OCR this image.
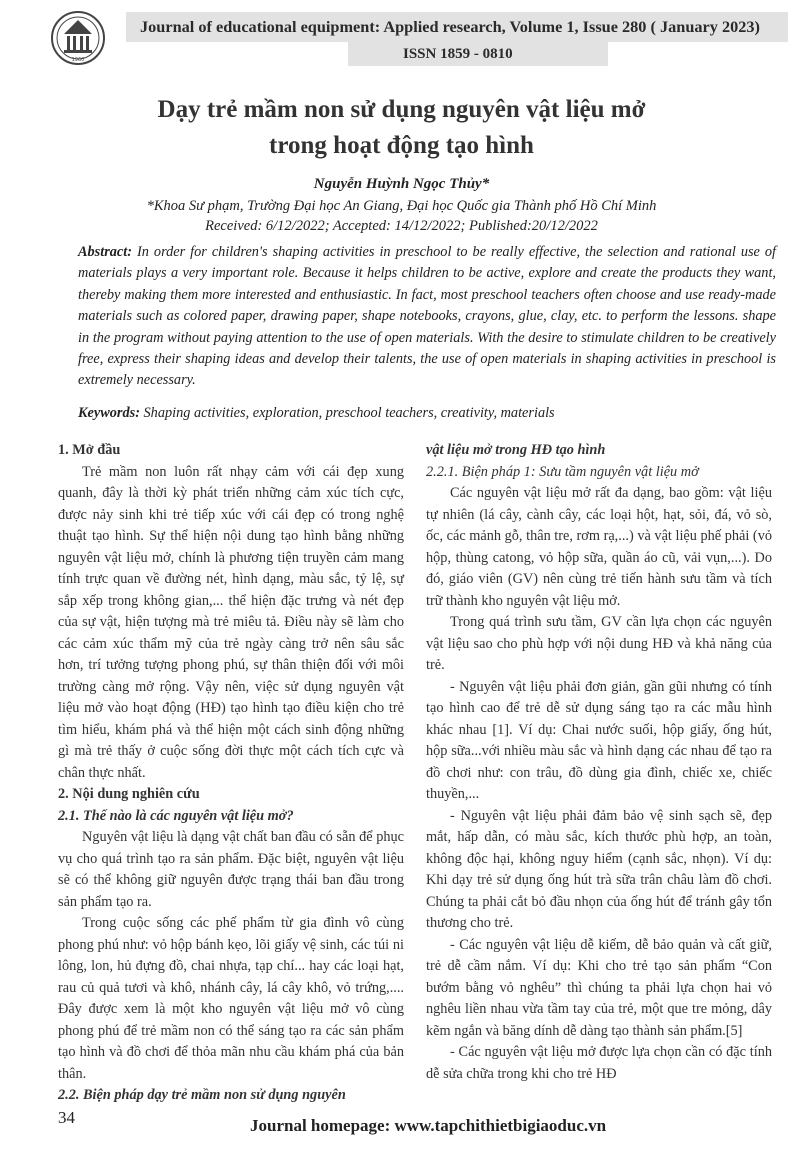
1960
Journal of educational equipment: Applied research, Volume 1, Issue 280 ( January 2023)
ISSN 1859 - 0810
Dạy trẻ mầm non sử dụng nguyên vật liệu mở
trong hoạt động tạo hình
Nguyễn Huỳnh Ngọc Thủy*
*Khoa Sư phạm, Trường Đại học An Giang, Đại học Quốc gia Thành phố Hồ Chí Minh
Received: 6/12/2022; Accepted: 14/12/2022; Published:20/12/2022
Abstract: In order for children's shaping activities in preschool to be really effective, the selection and rational use of materials plays a very important role. Because it helps children to be active, explore and create the products they want, thereby making them more interested and enthusiastic. In fact, most preschool teachers often choose and use ready-made materials such as colored paper, drawing paper, shape notebooks, crayons, glue, clay, etc. to perform the lessons. shape in the program without paying attention to the use of open materials. With the desire to stimulate children to be creatively free, express their shaping ideas and develop their talents, the use of open materials in shaping activities in preschool is extremely necessary.
Keywords: Shaping activities, exploration, preschool teachers, creativity, materials

1. Mở đầu

Trẻ mầm non luôn rất nhạy cảm với cái đẹp xung quanh, đây là thời kỳ phát triển những cảm xúc tích cực, được nảy sinh khi trẻ tiếp xúc với cái đẹp có trong nghệ thuật tạo hình. Sự thể hiện nội dung tạo hình bằng những nguyên vật liệu mở, chính là phương tiện truyền cảm mang tính trực quan về đường nét, hình dạng, màu sắc, tỷ lệ, sự sắp xếp trong không gian,... thể hiện đặc trưng và nét đẹp của sự vật, hiện tượng mà trẻ miêu tả. Điều này sẽ làm cho các cảm xúc thẩm mỹ của trẻ ngày càng trở nên sâu sắc hơn, trí tưởng tượng phong phú, sự thân thiện đối với môi trường càng mở rộng. Vậy nên, việc sử dụng nguyên vật liệu mở vào hoạt động (HĐ) tạo hình tạo điều kiện cho trẻ tìm hiểu, khám phá và thể hiện một cách sinh động những gì mà trẻ thấy ở cuộc sống đời thực một cách tích cực và chân thực nhất.

2. Nội dung nghiên cứu

2.1. Thế nào là các nguyên vật liệu mở?

Nguyên vật liệu là dạng vật chất ban đầu có sẵn để phục vụ cho quá trình tạo ra sản phẩm. Đặc biệt, nguyên vật liệu sẽ có thể không giữ nguyên được trạng thái ban đầu trong sản phẩm tạo ra.

Trong cuộc sống các phế phẩm từ gia đình vô cùng phong phú như: vỏ hộp bánh kẹo, lõi giấy vệ sinh, các túi ni lông, lon, hủ đựng đồ, chai nhựa, tạp chí... hay các loại hạt, rau củ quả tươi và khô, nhánh cây, lá cây khô, vỏ trứng,.... Đây được xem là một kho nguyên vật liệu mở vô cùng phong phú để trẻ mầm non có thể sáng tạo ra các sản phẩm tạo hình và đồ chơi để thỏa mãn nhu cầu khám phá của bản thân.

2.2. Biện pháp dạy trẻ mầm non sử dụng nguyên

vật liệu mở trong HĐ tạo hình

2.2.1. Biện pháp 1: Sưu tầm nguyên vật liệu mở

Các nguyên vật liệu mở rất đa dạng, bao gồm: vật liệu tự nhiên (lá cây, cành cây, các loại hột, hạt, sỏi, đá, vỏ sò, ốc, các mảnh gỗ, thân tre, rơm rạ,...) và vật liệu phế phải (vỏ hộp, thùng catong, vỏ hộp sữa, quần áo cũ, vải vụn,...). Do đó, giáo viên (GV) nên cùng trẻ tiến hành sưu tầm và tích trữ thành kho nguyên vật liệu mở.

Trong quá trình sưu tầm, GV cần lựa chọn các nguyên vật liệu sao cho phù hợp với nội dung HĐ và khả năng của trẻ.

- Nguyên vật liệu phải đơn giản, gần gũi nhưng có tính tạo hình cao để trẻ dễ sử dụng sáng tạo ra các mẫu hình khác nhau [1]. Ví dụ: Chai nước suối, hộp giấy, ống hút, hộp sữa...với nhiều màu sắc và hình dạng các nhau để tạo ra đồ chơi như: con trâu, đồ dùng gia đình, chiếc xe, chiếc thuyền,...

- Nguyên vật liệu phải đảm bảo vệ sinh sạch sẽ, đẹp mắt, hấp dẫn, có màu sắc, kích thước phù hợp, an toàn, không độc hại, không nguy hiểm (cạnh sắc, nhọn). Ví dụ: Khi dạy trẻ sử dụng ống hút trà sữa trân châu làm đồ chơi. Chúng ta phải cắt bỏ đầu nhọn của ống hút để tránh gây tổn thương cho trẻ.

- Các nguyên vật liệu dễ kiếm, dễ bảo quản và cất giữ, trẻ dễ cầm nắm. Ví dụ: Khi cho trẻ tạo sản phẩm “Con bướm bằng vỏ nghêu” thì chúng ta phải lựa chọn hai vỏ nghêu liền nhau vừa tầm tay của trẻ, một que tre mỏng, dây kẽm ngắn và băng dính dễ dàng tạo thành sản phẩm.[5]

- Các nguyên vật liệu mở được lựa chọn cần có đặc tính dễ sửa chữa trong khi cho trẻ HĐ

34	Journal homepage: www.tapchithietbigiaoduc.vn
